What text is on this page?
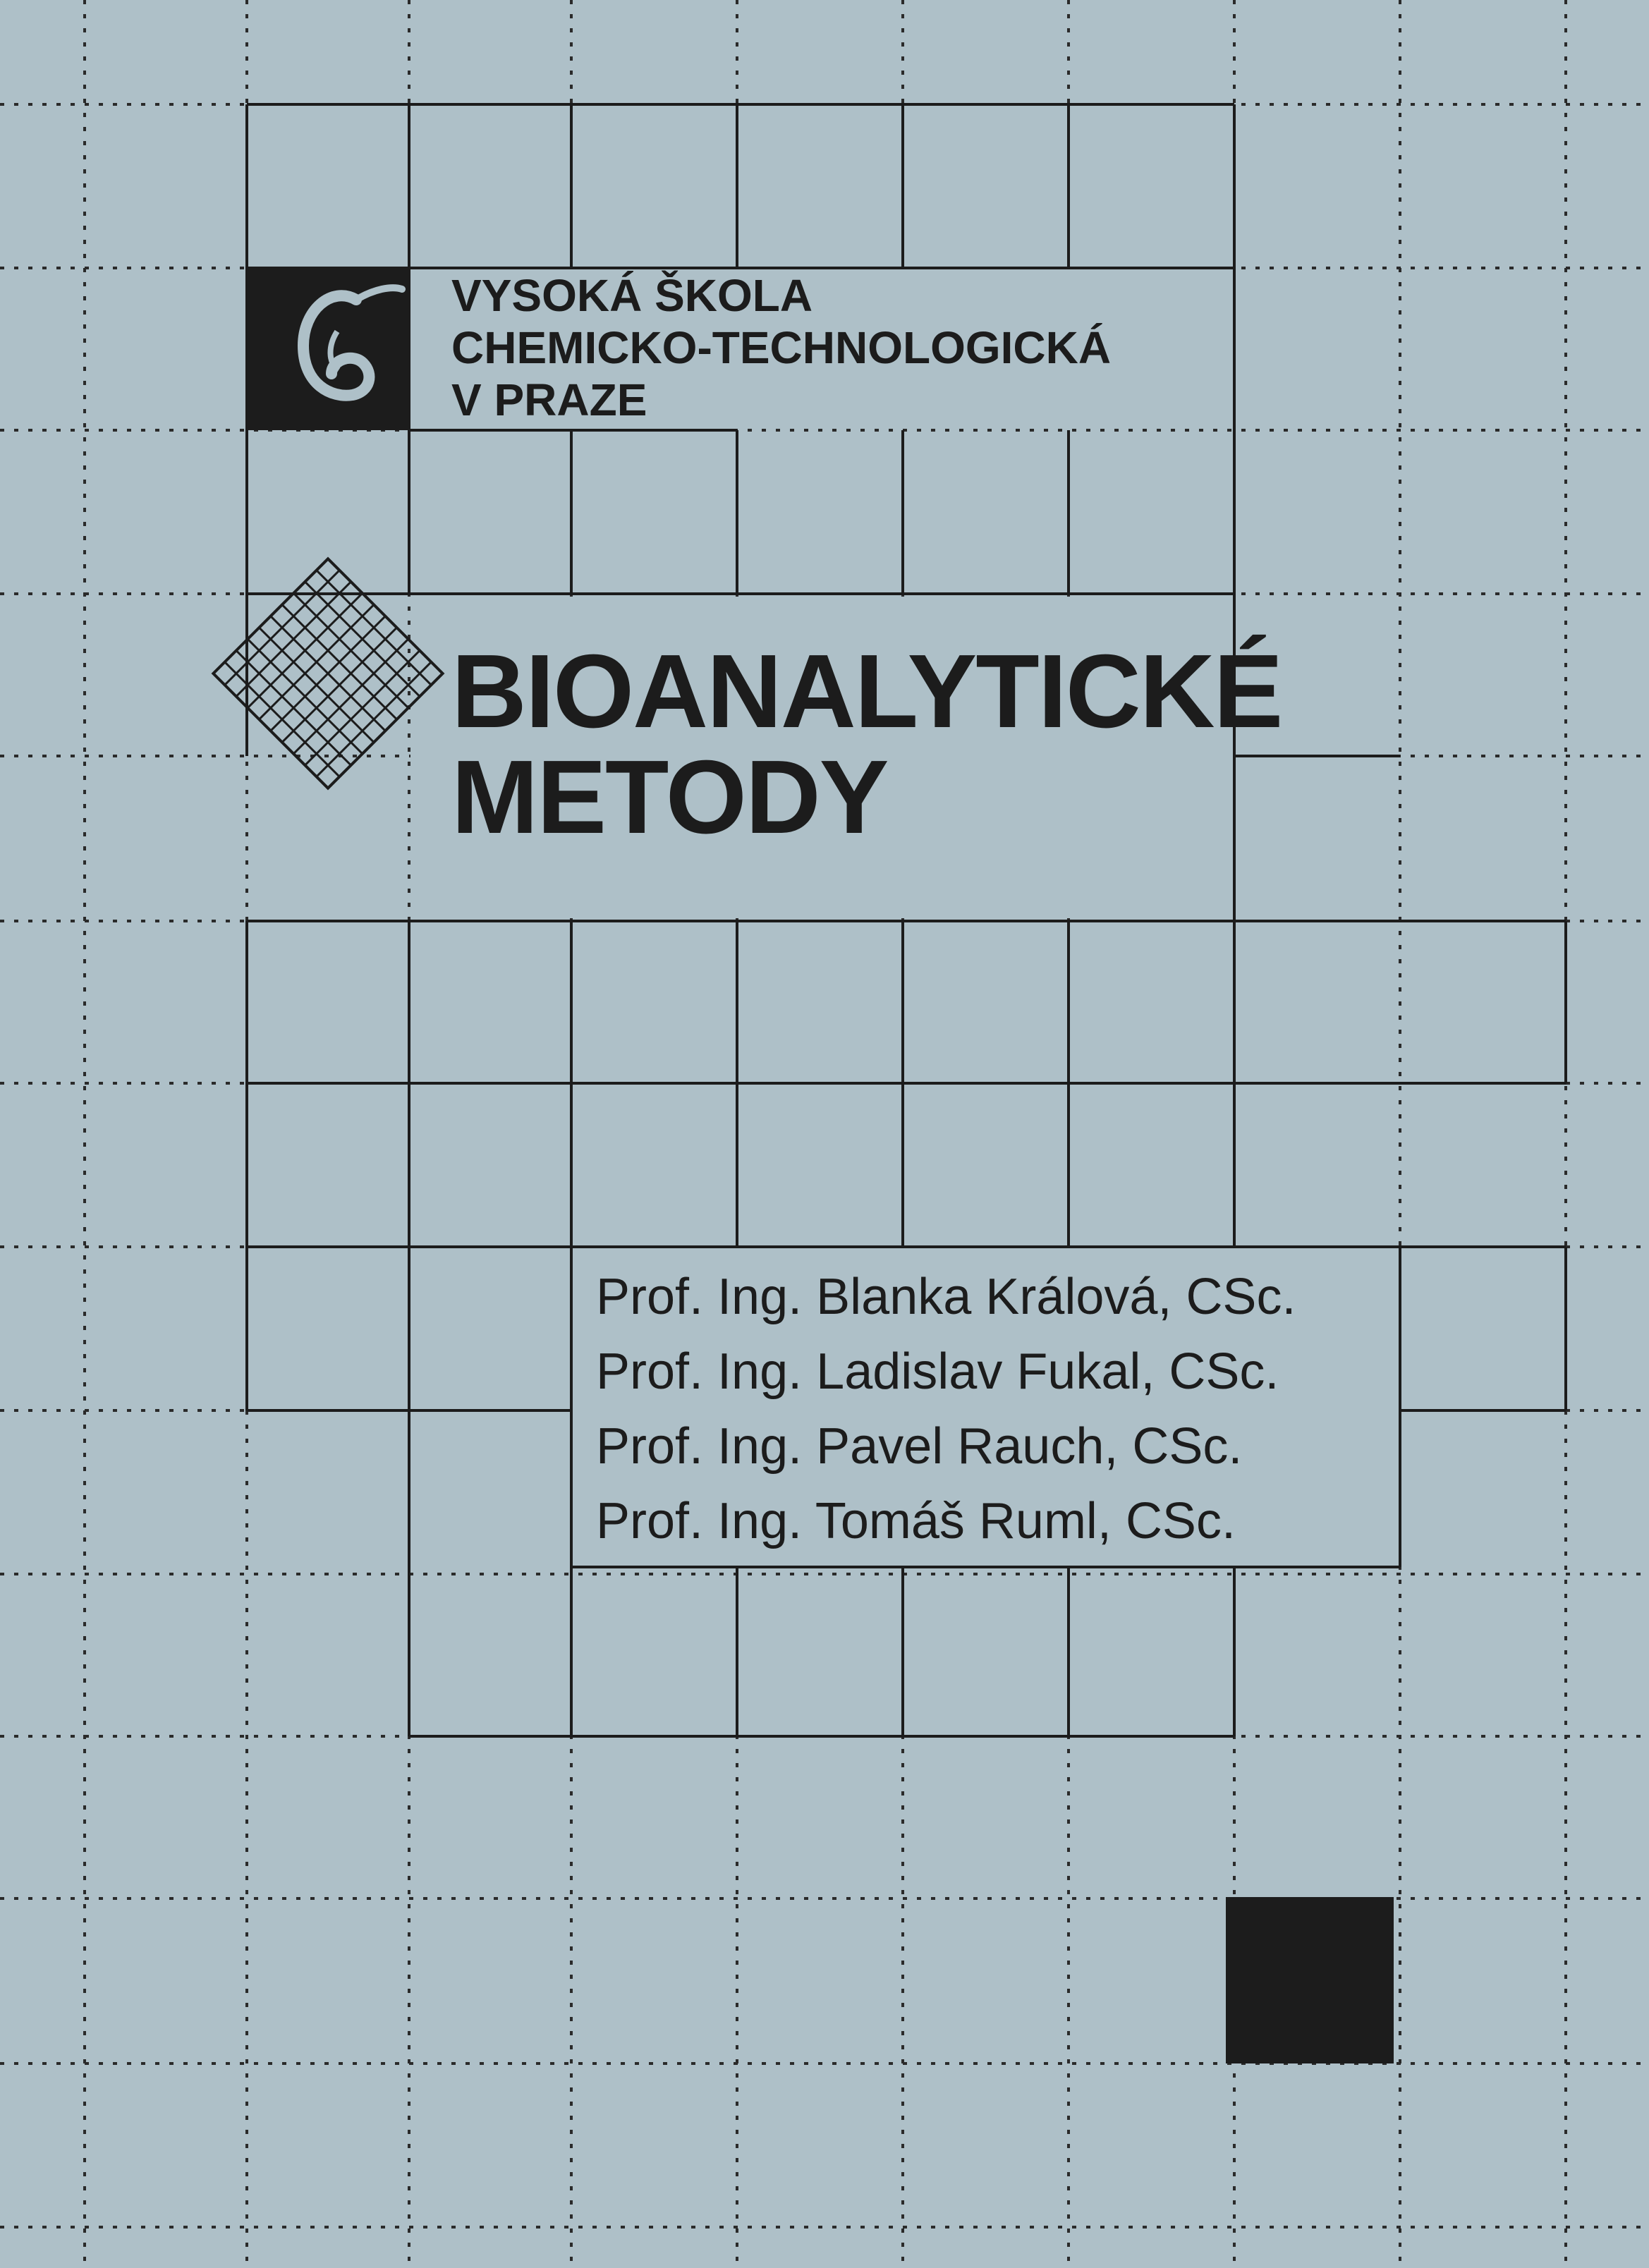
VYSOKÁ ŠKOLA
CHEMICKO-TECHNOLOGICKÁ
V PRAZE
BIOANALYTICKÉ
METODY
Prof. Ing. Blanka Králová, CSc.
Prof. Ing. Ladislav Fukal, CSc.
Prof. Ing. Pavel Rauch, CSc.
Prof. Ing. Tomáš Ruml, CSc.
